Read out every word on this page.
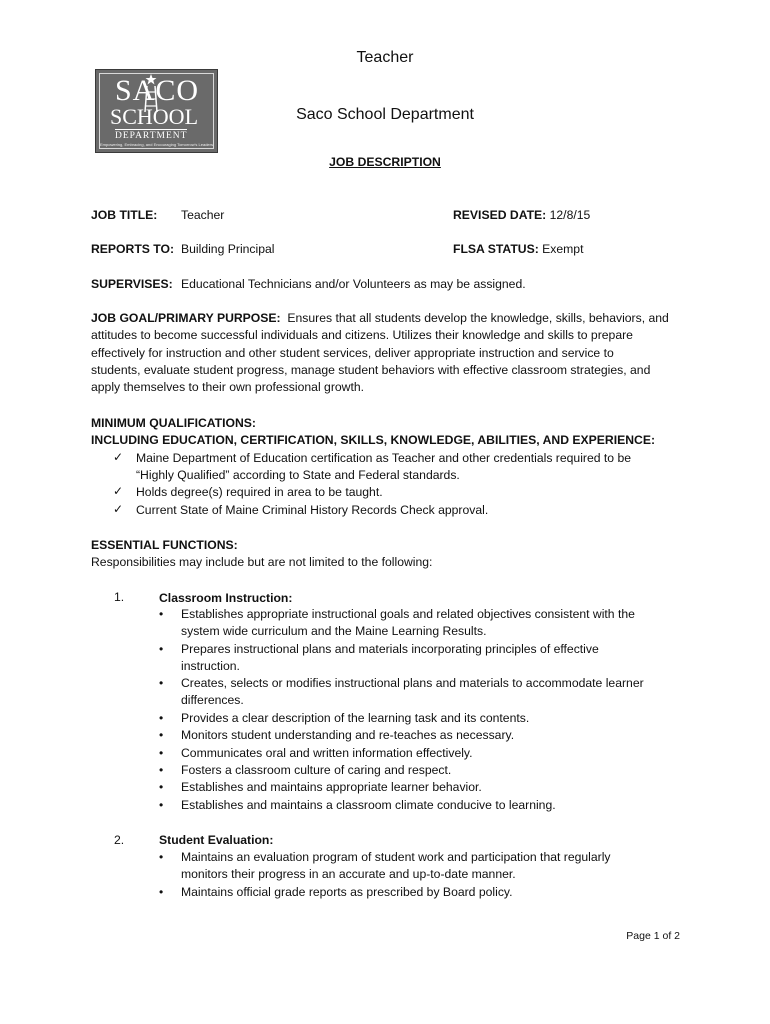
SACO
SCHOOL
DEPARTMENT
Empowering, Embracing, and Encouraging Tomorrow's Leaders
Teacher
Saco School Department
JOB DESCRIPTION
JOB TITLE: Teacher	REVISED DATE: 12/8/15
REPORTS TO: Building Principal	FLSA STATUS: Exempt
SUPERVISES: Educational Technicians and/or Volunteers as may be assigned.
JOB GOAL/PRIMARY PURPOSE: Ensures that all students develop the knowledge, skills, behaviors, and
attitudes to become successful individuals and citizens. Utilizes their knowledge and skills to prepare
effectively for instruction and other student services, deliver appropriate instruction and service to
students, evaluate student progress, manage student behaviors with effective classroom strategies, and
apply themselves to their own professional growth.
MINIMUM QUALIFICATIONS:
INCLUDING EDUCATION, CERTIFICATION, SKILLS, KNOWLEDGE, ABILITIES, AND EXPERIENCE:
✓ Maine Department of Education certification as Teacher and other credentials required to be
“Highly Qualified” according to State and Federal standards.
✓ Holds degree(s) required in area to be taught.
✓ Current State of Maine Criminal History Records Check approval.
ESSENTIAL FUNCTIONS:
Responsibilities may include but are not limited to the following:
1.	Classroom Instruction:
• Establishes appropriate instructional goals and related objectives consistent with the
system wide curriculum and the Maine Learning Results.
• Prepares instructional plans and materials incorporating principles of effective
instruction.
• Creates, selects or modifies instructional plans and materials to accommodate learner
differences.
• Provides a clear description of the learning task and its contents.
• Monitors student understanding and re-teaches as necessary.
• Communicates oral and written information effectively.
• Fosters a classroom culture of caring and respect.
• Establishes and maintains appropriate learner behavior.
• Establishes and maintains a classroom climate conducive to learning.
2.	Student Evaluation:
• Maintains an evaluation program of student work and participation that regularly
monitors their progress in an accurate and up-to-date manner.
• Maintains official grade reports as prescribed by Board policy.
Page 1 of 2
